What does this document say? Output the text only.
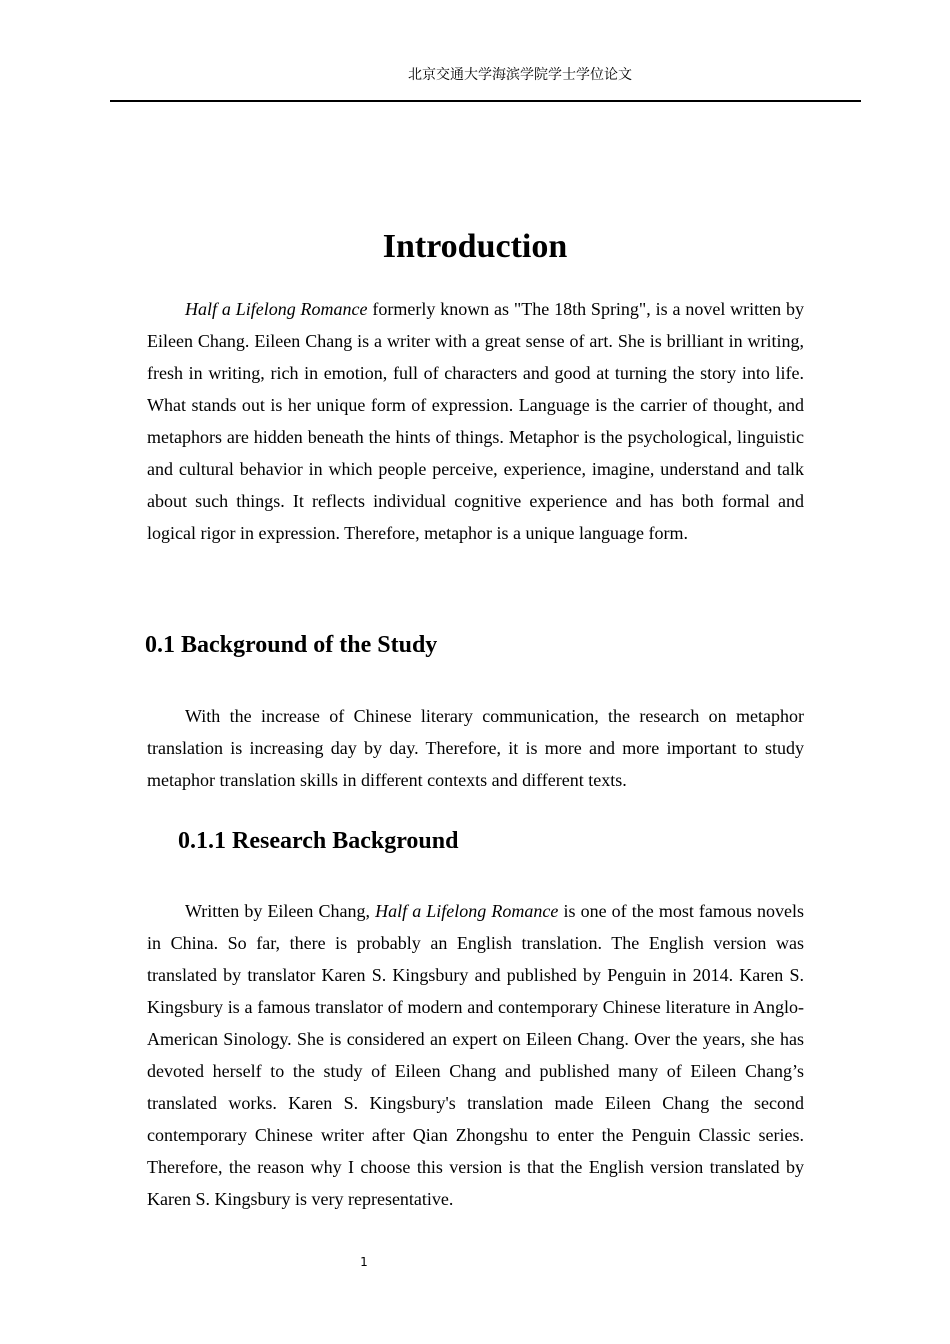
北京交通大学海滨学院学士学位论文
Introduction

Half a Lifelong Romance formerly known as "The 18th Spring", is a novel written by Eileen Chang. Eileen Chang is a writer with a great sense of art. She is brilliant in writing, fresh in writing, rich in emotion, full of characters and good at turning the story into life. What stands out is her unique form of expression. Language is the carrier of thought, and metaphors are hidden beneath the hints of things. Metaphor is the psychological, linguistic and cultural behavior in which people perceive, experience, imagine, understand and talk about such things. It reflects individual cognitive experience and has both formal and logical rigor in expression. Therefore, metaphor is a unique language form.

0.1 Background of the Study

With the increase of Chinese literary communication, the research on metaphor translation is increasing day by day. Therefore, it is more and more important to study metaphor translation skills in different contexts and different texts.

0.1.1 Research Background

Written by Eileen Chang, Half a Lifelong Romance is one of the most famous novels in China. So far, there is probably an English translation. The English version was translated by translator Karen S. Kingsbury and published by Penguin in 2014. Karen S. Kingsbury is a famous translator of modern and contemporary Chinese literature in Anglo-American Sinology. She is considered an expert on Eileen Chang. Over the years, she has devoted herself to the study of Eileen Chang and published many of Eileen Chang’s translated works. Karen S. Kingsbury's translation made Eileen Chang the second contemporary Chinese writer after Qian Zhongshu to enter the Penguin Classic series. Therefore, the reason why I choose this version is that the English version translated by Karen S. Kingsbury is very representative.

1
